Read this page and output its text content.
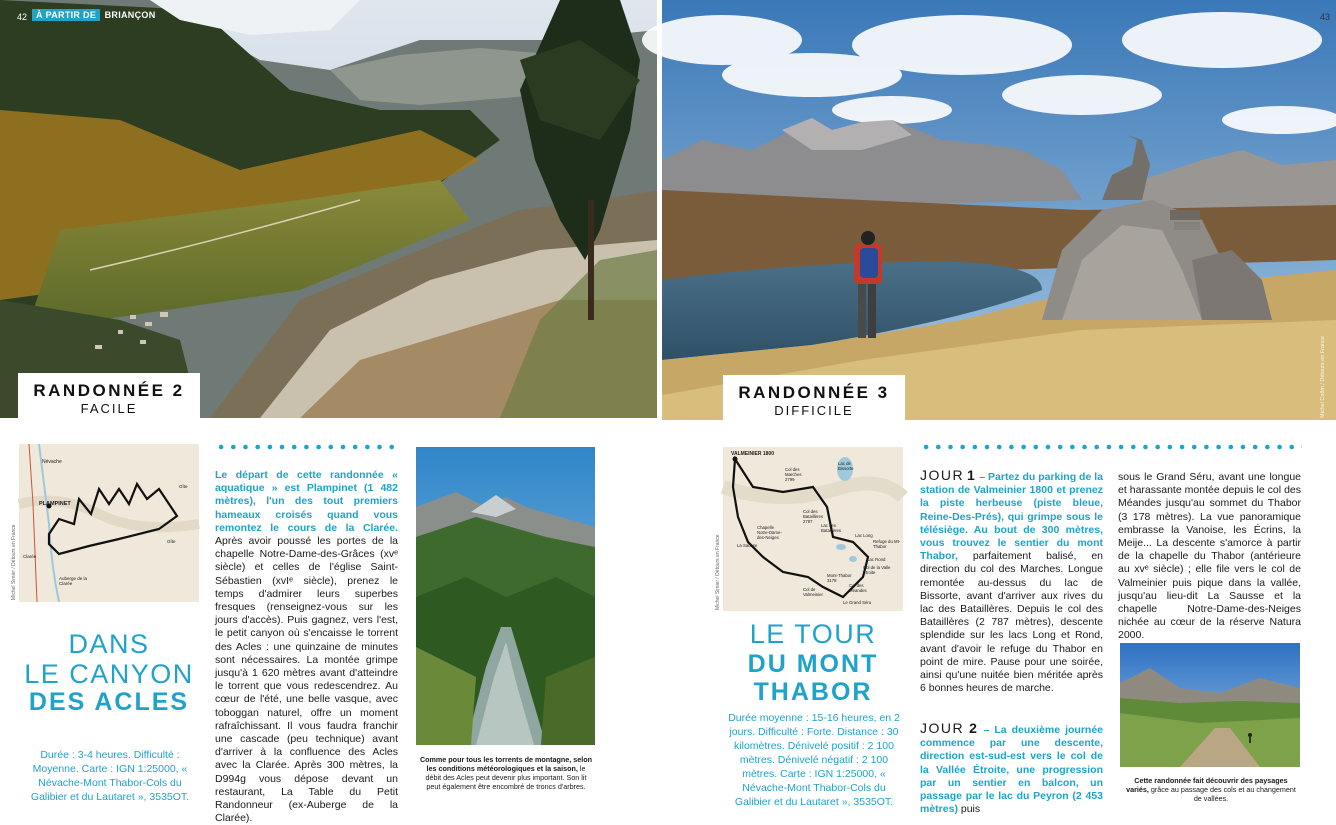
42 À PARTIR DE BRIANÇON
RANDONNÉE 2
FACILE
Névache
PLAMPINET
Auberge de la Clarée
Gîte
Clarée
Gîte
Michel Simier / Détours en France
DANS
LE CANYON
DES ACLES
Durée : 3-4 heures. Difficulté : Moyenne. Carte : IGN 1:25000, « Névache-Mont Thabor-Cols du Galibier et du Lautaret », 3535OT.
Le départ de cette randonnée « aquatique » est Plampinet (1 482 mètres), l'un des tout premiers hameaux croisés quand vous remontez le cours de la Clarée. Après avoir poussé les portes de la chapelle Notre-Dame-des-Grâces (xvᵉ siècle) et celles de l'église Saint-Sébastien (xvIᵉ siècle), prenez le temps d'admirer leurs superbes fresques (renseignez-vous sur les jours d'accès). Puis gagnez, vers l'est, le petit canyon où s'encaisse le torrent des Acles : une quinzaine de minutes sont nécessaires. La montée grimpe jusqu'à 1 620 mètres avant d'atteindre le torrent que vous redescendrez. Au cœur de l'été, une belle vasque, avec toboggan naturel, offre un moment rafraîchissant. Il vous faudra franchir une cascade (peu technique) avant d'arriver à la confluence des Acles avec la Clarée. Après 300 mètres, la D994g vous dépose devant un restaurant, La Table du Petit Randonneur (ex-Auberge de la Clarée).
Comme pour tous les torrents de montagne, selon les conditions météorologiques et la saison, le débit des Acles peut devenir plus important. Son lit peut également être encombré de troncs d'arbres.
43
Michel Cottin / Détours en France
RANDONNÉE 3
DIFFICILE
VALMEINIER 1800
Col des Marches 2799
Lac de Bissorte
Col des Bataillères 2787
Chapelle Notre-Dame-des-Neiges
Lac des Bataillères
Lac Long
Refuge du Mt-Thabor
Lac Rond
Col de la Valle Étroite
Mont-Thabor 3178
Col des Méandes
La Sausse
Col de Valmeinier
Le Grand Séru
Michel Simier / Détours en France
LE TOUR
DU MONT
THABOR
Durée moyenne : 15-16 heures, en 2 jours. Difficulté : Forte. Distance : 30 kilomètres. Dénivelé positif : 2 100 mètres. Dénivelé négatif : 2 100 mètres. Carte : IGN 1:25000, « Névache-Mont Thabor-Cols du Galibier et du Lautaret », 3535OT.
JOUR 1 – Partez du parking de la station de Valmeinier 1800 et prenez la piste herbeuse (piste bleue, Reine-Des-Prés), qui grimpe sous le télésiège. Au bout de 300 mètres, vous trouvez le sentier du mont Thabor, parfaitement balisé, en direction du col des Marches. Longue remontée au-dessus du lac de Bissorte, avant d'arriver aux rives du lac des Bataillères. Depuis le col des Bataillères (2 787 mètres), descente splendide sur les lacs Long et Rond, avant d'avoir le refuge du Thabor en point de mire. Pause pour une soirée, ainsi qu'une nuitée bien méritée après 6 bonnes heures de marche.
JOUR 2 – La deuxième journée commence par une descente, direction est-sud-est vers le col de la Vallée Étroite, une progression par un sentier en balcon, un passage par le lac du Peyron (2 453 mètres) puis
sous le Grand Séru, avant une longue et harassante montée depuis le col des Méandes jusqu'au sommet du Thabor (3 178 mètres). La vue panoramique embrasse la Vanoise, les Écrins, la Meije... La descente s'amorce à partir de la chapelle du Thabor (antérieure au xvᵉ siècle) ; elle file vers le col de Valmeinier puis pique dans la vallée, jusqu'au lieu-dit La Sausse et la chapelle Notre-Dame-des-Neiges nichée au cœur de la réserve Natura 2000.
Cette randonnée fait découvrir des paysages variés, grâce au passage des cols et au changement de vallées.
